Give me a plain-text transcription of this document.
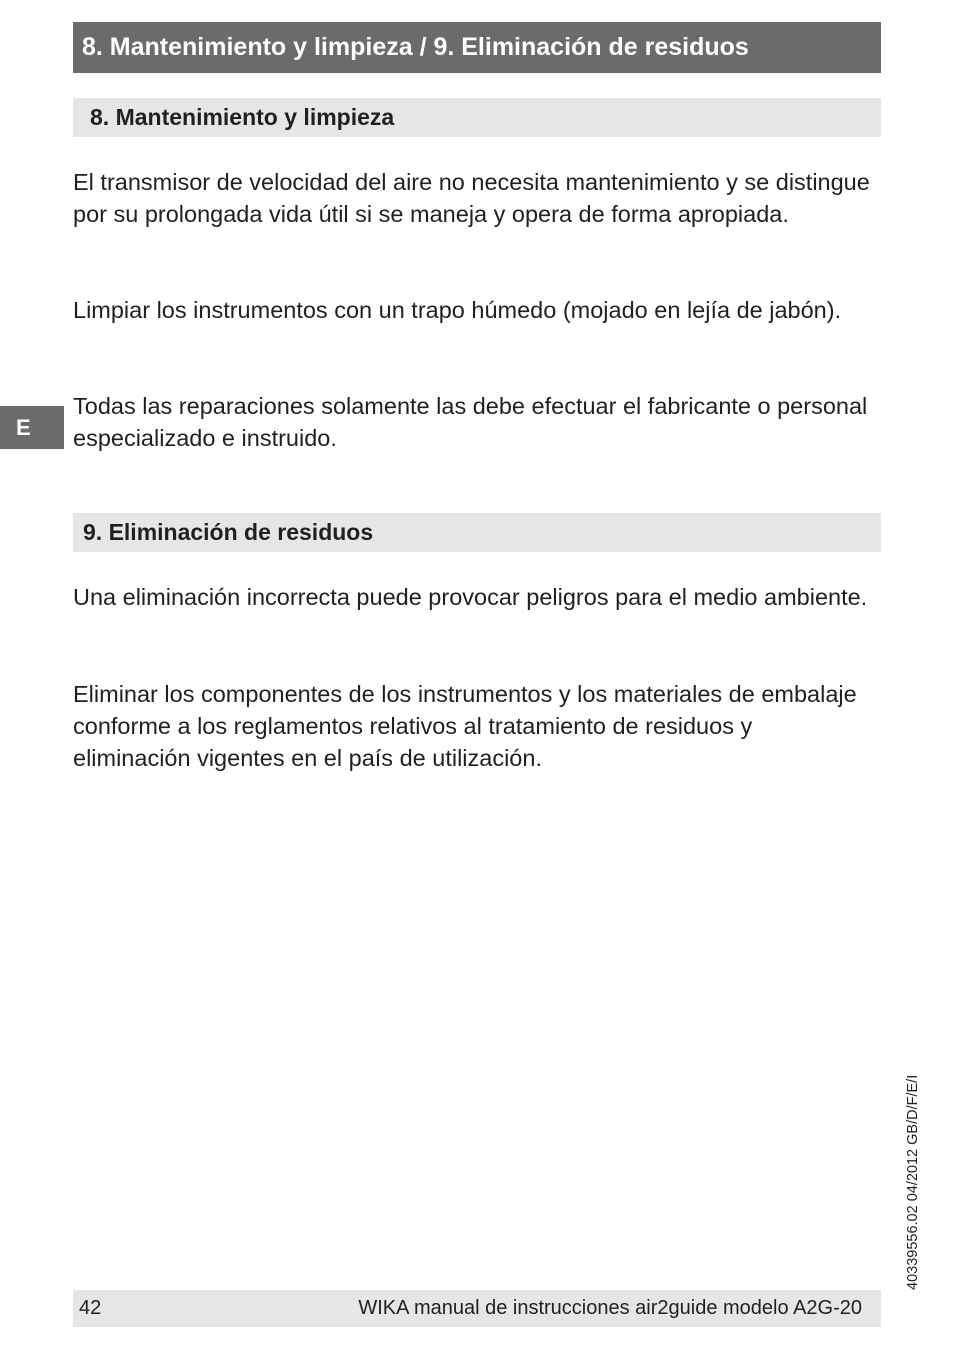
8. Mantenimiento y limpieza / 9. Eliminación de residuos
8. Mantenimiento y limpieza

El transmisor de velocidad del aire no necesita mantenimiento y se distingue por su prolongada vida útil si se maneja y opera de forma apropiada.

Limpiar los instrumentos con un trapo húmedo (mojado en lejía de jabón).

Todas las reparaciones solamente las debe efectuar el fabricante o personal especializado e instruido.

E
9. Eliminación de residuos

Una eliminación incorrecta puede provocar peligros para el medio ambiente.

Eliminar los componentes de los instrumentos y los materiales de embalaje conforme a los reglamentos relativos al tratamiento de residuos y eliminación vigentes en el país de utilización.

40339556.02 04/2012 GB/D/F/E/I
42	WIKA manual de instrucciones air2guide modelo A2G-20
